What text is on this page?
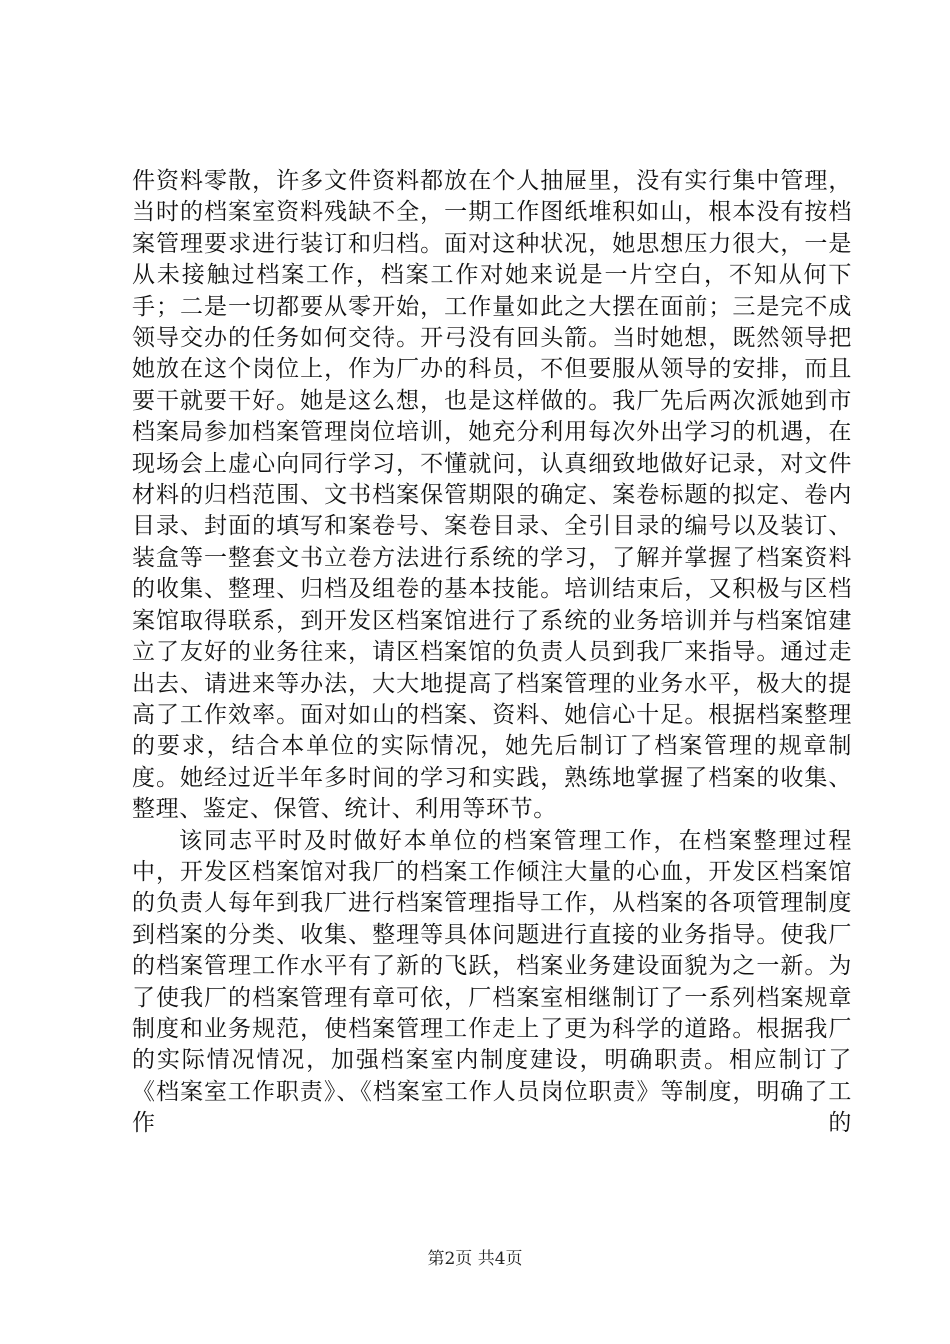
件资料零散，许多文件资料都放在个人抽屉里，没有实行集中管理，当时的档案室资料残缺不全，一期工作图纸堆积如山，根本没有按档案管理要求进行装订和归档。面对这种状况，她思想压力很大，一是从未接触过档案工作，档案工作对她来说是一片空白，不知从何下手；二是一切都要从零开始，工作量如此之大摆在面前；三是完不成领导交办的任务如何交待。开弓没有回头箭。当时她想，既然领导把她放在这个岗位上，作为厂办的科员，不但要服从领导的安排，而且要干就要干好。她是这么想，也是这样做的。我厂先后两次派她到市档案局参加档案管理岗位培训，她充分利用每次外出学习的机遇，在现场会上虚心向同行学习，不懂就问，认真细致地做好记录，对文件材料的归档范围、文书档案保管期限的确定、案卷标题的拟定、卷内目录、封面的填写和案卷号、案卷目录、全引目录的编号以及装订、装盒等一整套文书立卷方法进行系统的学习，了解并掌握了档案资料的收集、整理、归档及组卷的基本技能。培训结束后，又积极与区档案馆取得联系，到开发区档案馆进行了系统的业务培训并与档案馆建立了友好的业务往来，请区档案馆的负责人员到我厂来指导。通过走出去、请进来等办法，大大地提高了档案管理的业务水平，极大的提高了工作效率。面对如山的档案、资料、她信心十足。根据档案整理的要求，结合本单位的实际情况，她先后制订了档案管理的规章制度。她经过近半年多时间的学习和实践，熟练地掌握了档案的收集、整理、鉴定、保管、统计、利用等环节。

该同志平时及时做好本单位的档案管理工作，在档案整理过程中，开发区档案馆对我厂的档案工作倾注大量的心血，开发区档案馆的负责人每年到我厂进行档案管理指导工作，从档案的各项管理制度到档案的分类、收集、整理等具体问题进行直接的业务指导。使我厂的档案管理工作水平有了新的飞跃，档案业务建设面貌为之一新。为了使我厂的档案管理有章可依，厂档案室相继制订了一系列档案规章制度和业务规范，使档案管理工作走上了更为科学的道路。根据我厂的实际情况情况，加强档案室内制度建设，明确职责。相应制订了《档案室工作职责》、《档案室工作人员岗位职责》等制度，明确了工作的

第2页 共4页
